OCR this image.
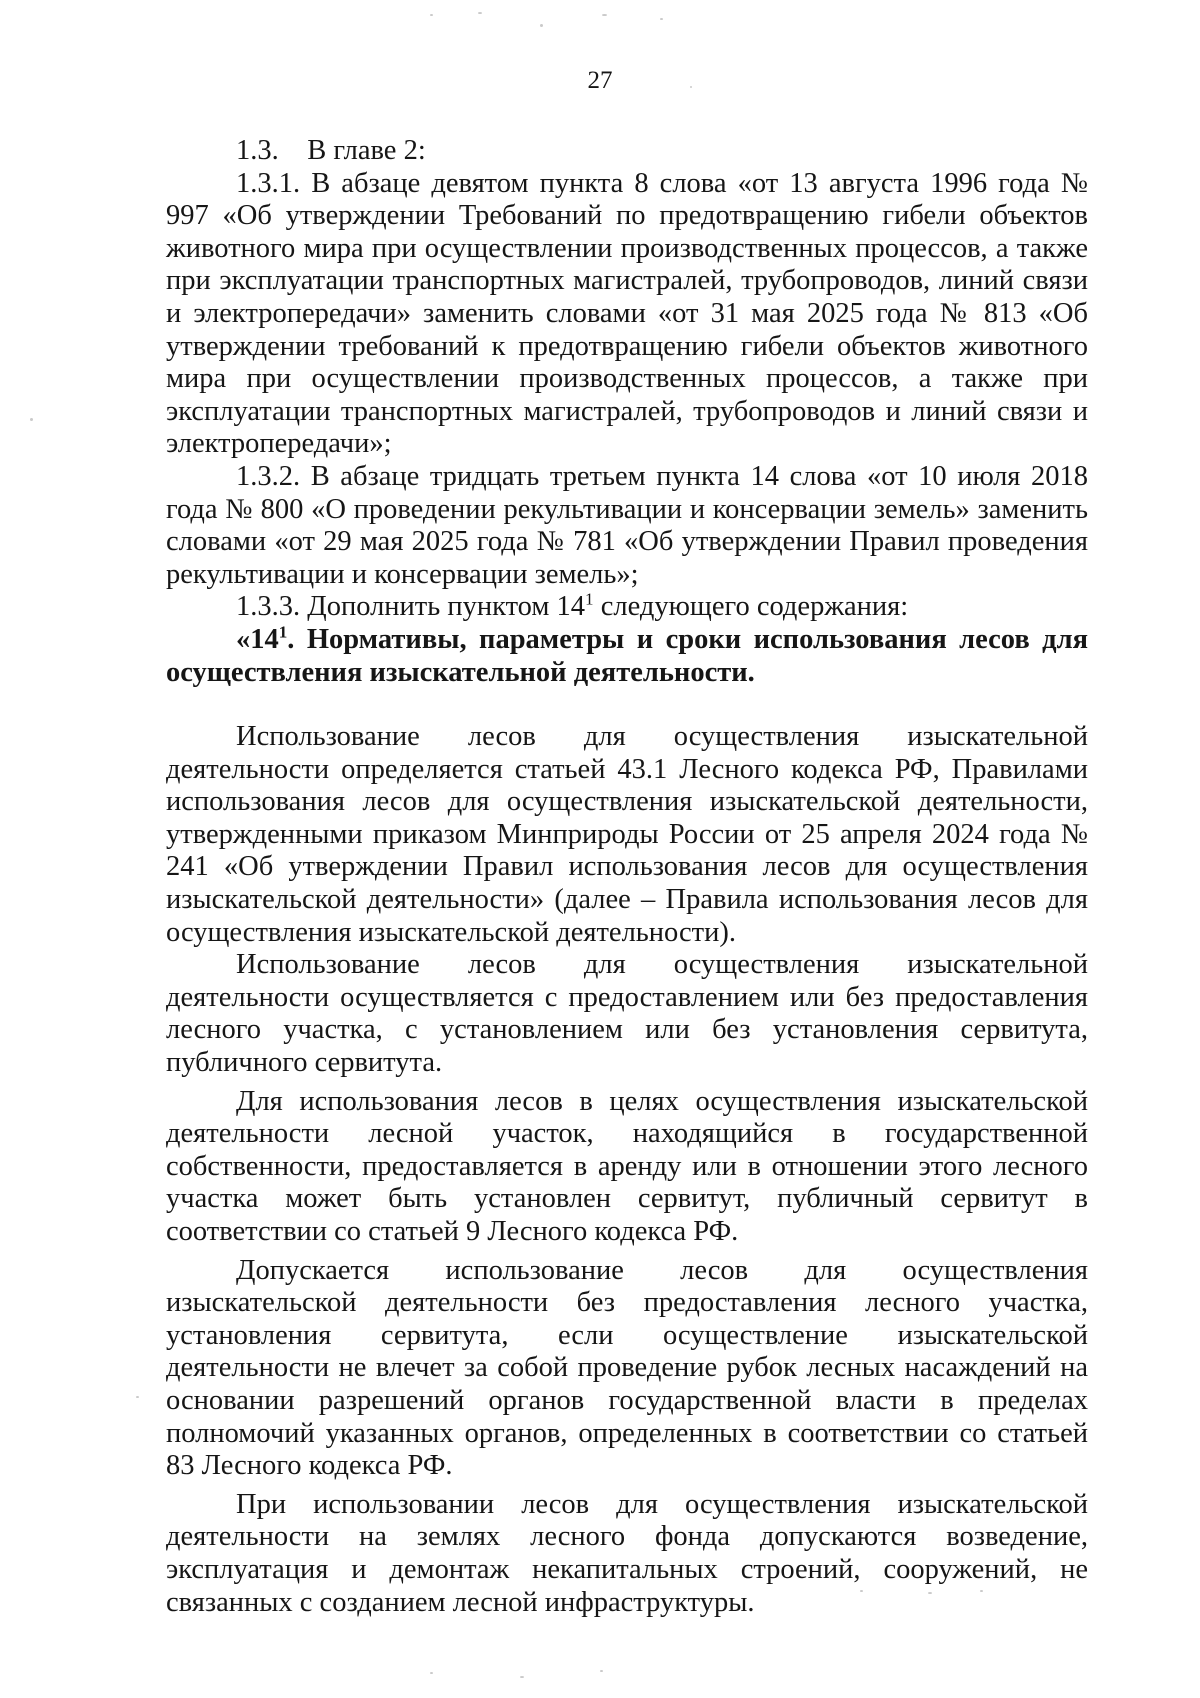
27

1.3. В главе 2:

1.3.1. В абзаце девятом пункта 8 слова «от 13 августа 1996 года № 997 «Об утверждении Требований по предотвращению гибели объектов животного мира при осуществлении производственных процессов, а также при эксплуатации транспортных магистралей, трубопроводов, линий связи и электропередачи» заменить словами «от 31 мая 2025 года № 813 «Об утверждении требований к предотвращению гибели объектов животного мира при осуществлении производственных процессов, а также при эксплуатации транспортных магистралей, трубопроводов и линий связи и электропередачи»;

1.3.2. В абзаце тридцать третьем пункта 14 слова «от 10 июля 2018 года № 800 «О проведении рекультивации и консервации земель» заменить словами «от 29 мая 2025 года № 781 «Об утверждении Правил проведения рекультивации и консервации земель»;

1.3.3. Дополнить пунктом $14^1$ следующего содержания:

«$14^1$. Нормативы, параметры и сроки использования лесов для осуществления изыскательной деятельности.

Использование лесов для осуществления изыскательной деятельности определяется статьей 43.1 Лесного кодекса РФ, Правилами использования лесов для осуществления изыскательской деятельности, утвержденными приказом Минприроды России от 25 апреля 2024 года № 241 «Об утверждении Правил использования лесов для осуществления изыскательской деятельности» (далее – Правила использования лесов для осуществления изыскательской деятельности).

Использование лесов для осуществления изыскательной деятельности осуществляется с предоставлением или без предоставления лесного участка, с установлением или без установления сервитута, публичного сервитута.

Для использования лесов в целях осуществления изыскательской деятельности лесной участок, находящийся в государственной собственности, предоставляется в аренду или в отношении этого лесного участка может быть установлен сервитут, публичный сервитут в соответствии со статьей 9 Лесного кодекса РФ.

Допускается использование лесов для осуществления изыскательской деятельности без предоставления лесного участка, установления сервитута, если осуществление изыскательской деятельности не влечет за собой проведение рубок лесных насаждений на основании разрешений органов государственной власти в пределах полномочий указанных органов, определенных в соответствии со статьей 83 Лесного кодекса РФ.

При использовании лесов для осуществления изыскательской деятельности на землях лесного фонда допускаются возведение, эксплуатация и демонтаж некапитальных строений, сооружений, не связанных с созданием лесной инфраструктуры.
